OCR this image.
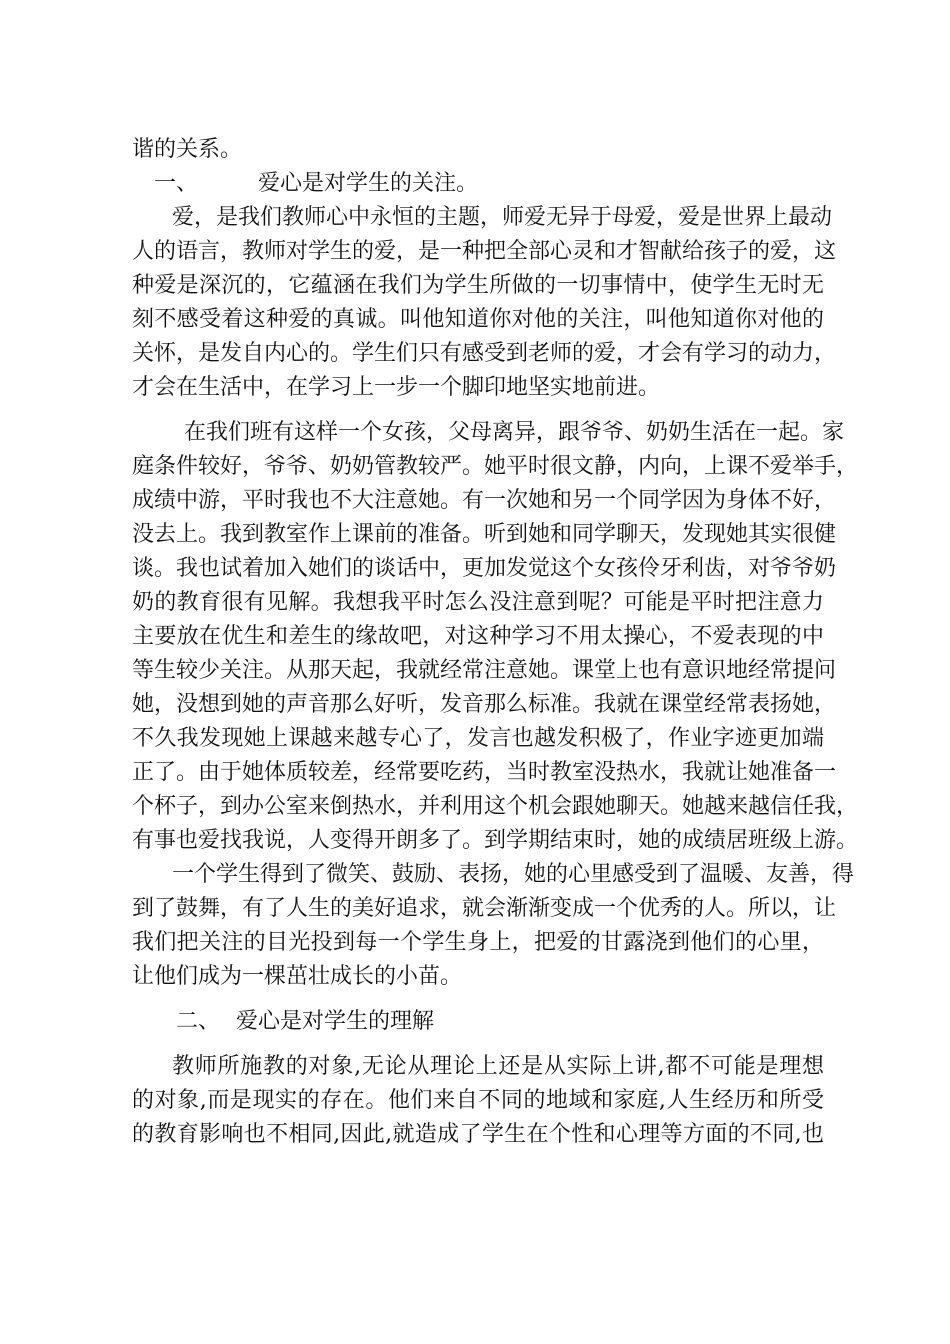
谐的关系。
一、	爱心是对学生的关注。
爱，是我们教师心中永恒的主题，师爱无异于母爱，爱是世界上最动
人的语言，教师对学生的爱，是一种把全部心灵和才智献给孩子的爱，这
种爱是深沉的，它蕴涵在我们为学生所做的一切事情中，使学生无时无
刻不感受着这种爱的真诚。叫他知道你对他的关注，叫他知道你对他的
关怀，是发自内心的。学生们只有感受到老师的爱，才会有学习的动力，
才会在生活中，在学习上一步一个脚印地坚实地前进。
在我们班有这样一个女孩，父母离异，跟爷爷、奶奶生活在一起。家
庭条件较好，爷爷、奶奶管教较严。她平时很文静，内向，上课不爱举手，
成绩中游，平时我也不大注意她。有一次她和另一个同学因为身体不好，
没去上。我到教室作上课前的准备。听到她和同学聊天，发现她其实很健
谈。我也试着加入她们的谈话中，更加发觉这个女孩伶牙利齿，对爷爷奶
奶的教育很有见解。我想我平时怎么没注意到呢？可能是平时把注意力
主要放在优生和差生的缘故吧，对这种学习不用太操心，不爱表现的中
等生较少关注。从那天起，我就经常注意她。课堂上也有意识地经常提问
她，没想到她的声音那么好听，发音那么标准。我就在课堂经常表扬她，
不久我发现她上课越来越专心了，发言也越发积极了，作业字迹更加端
正了。由于她体质较差，经常要吃药，当时教室没热水，我就让她准备一
个杯子，到办公室来倒热水，并利用这个机会跟她聊天。她越来越信任我，
有事也爱找我说，人变得开朗多了。到学期结束时，她的成绩居班级上游。
一个学生得到了微笑、鼓励、表扬，她的心里感受到了温暖、友善，得
到了鼓舞，有了人生的美好追求，就会渐渐变成一个优秀的人。所以，让
我们把关注的目光投到每一个学生身上，把爱的甘露浇到他们的心里，
让他们成为一棵茁壮成长的小苗。
二、 爱心是对学生的理解
教师所施教的对象,无论从理论上还是从实际上讲,都不可能是理想
的对象,而是现实的存在。他们来自不同的地域和家庭,人生经历和所受
的教育影响也不相同,因此,就造成了学生在个性和心理等方面的不同,也
